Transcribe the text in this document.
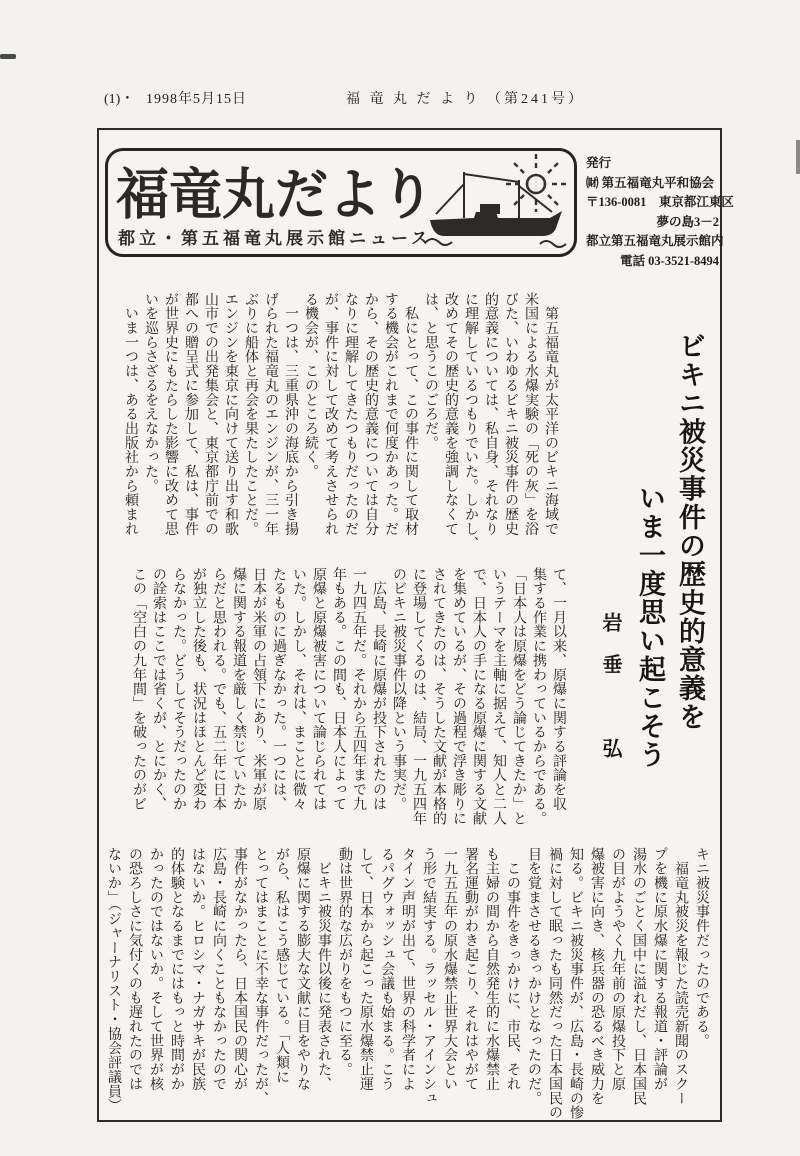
(1)・ 1998年5月15日	福 竜 丸 だ よ り （第241号）
福竜丸だより
都立・第五福竜丸展示館ニュース
発行
㈶ 第五福竜丸平和協会
〒136-0081　東京都江東区
夢の島3－2
都立第五福竜丸展示館内
電話 03-3521-8494
ビキニ被災事件の歴史的意義を
いま一度思い起こそう
岩垂　弘
　第五福竜丸が太平洋のビキニ海域で
米国による水爆実験の「死の灰」を浴
びた、いわゆるビキニ被災事件の歴史
的意義については、私自身、それなり
に理解しているつもりでいた。しかし、
改めてその歴史的意義を強調しなくて
は、と思うこのごろだ。
　私にとって、この事件に関して取材
する機会がこれまで何度かあった。だ
から、その歴史的意義については自分
なりに理解してきたつもりだったのだ
が、事件に対して改めて考えさせられ
る機会が、このところ続く。
　一つは、三重県沖の海底から引き揚
げられた福竜丸のエンジンが、三一年
ぶりに船体と再会を果たしたことだ。
エンジンを東京に向けて送り出す和歌
山市での出発集会と、東京都庁前での
都への贈呈式に参加して、私は、事件
が世界史にもたらした影響に改めて思
いを巡らさざるをえなかった。
　いま一つは、ある出版社から頼まれ
て、一月以来、原爆に関する評論を収
集する作業に携わっているからである。
「日本人は原爆をどう論じてきたか」と
いうテーマを主軸に据えて、知人と二人
で、日本人の手になる原爆に関する文献
を集めているが、その過程で浮き彫りに
されてきたのは、そうした文献が本格的
に登場してくるのは、結局、一九五四年
のビキニ被災事件以降という事実だ。
　広島、長崎に原爆が投下されたのは
一九四五年だ。それから五四年まで九
年もある。この間も、日本人によって
原爆と原爆被害について論じられては
いた。しかし、それは、まことに微々
たるものに過ぎなかった。一つには、
日本が米軍の占領下にあり、米軍が原
爆に関する報道を厳しく禁じていたか
らだと思われる。でも、五二年に日本
が独立した後も、状況はほとんど変わ
らなかった。どうしてそうだったのか
の詮索はここでは省くが、とにかく、
この「空白の九年間」を破ったのがビ
キニ被災事件だったのである。
　福竜丸被災を報じた読売新聞のスクー
プを機に原水爆に関する報道・評論が
湯水のごとく国中に溢れだし、日本国民
の目がようやく九年前の原爆投下と原
爆被害に向き、核兵器の恐るべき威力を
知る。ビキニ被災事件が、広島・長崎の惨
禍に対して眠ったも同然だった日本国民の
目を覚まさせるきっかけとなったのだ。
　この事件をきっかけに、市民、それ
も主婦の間から自然発生的に水爆禁止
署名運動がわき起こり、それはやがて
一九五五年の原水爆禁止世界大会とい
う形で結実する。ラッセル・アインシュ
タイン声明が出て、世界の科学者によ
るパグウォッシュ会議も始まる。こう
して、日本から起こった原水爆禁止運
動は世界的な広がりをもつに至る。
　ビキニ被災事件以後に発表された、
原爆に関する膨大な文献に目をやりな
がら、私はこう感じている。「人類に
とってはまことに不幸な事件だったが、
事件がなかったら、日本国民の関心が
広島・長崎に向くこともなかったので
はないか。ヒロシマ・ナガサキが民族
的体験となるまでにはもっと時間がか
かったのではないか。そして世界が核
の恐ろしさに気付くのも遅れたのでは
ないか」（ジャーナリスト・協会評議員）
